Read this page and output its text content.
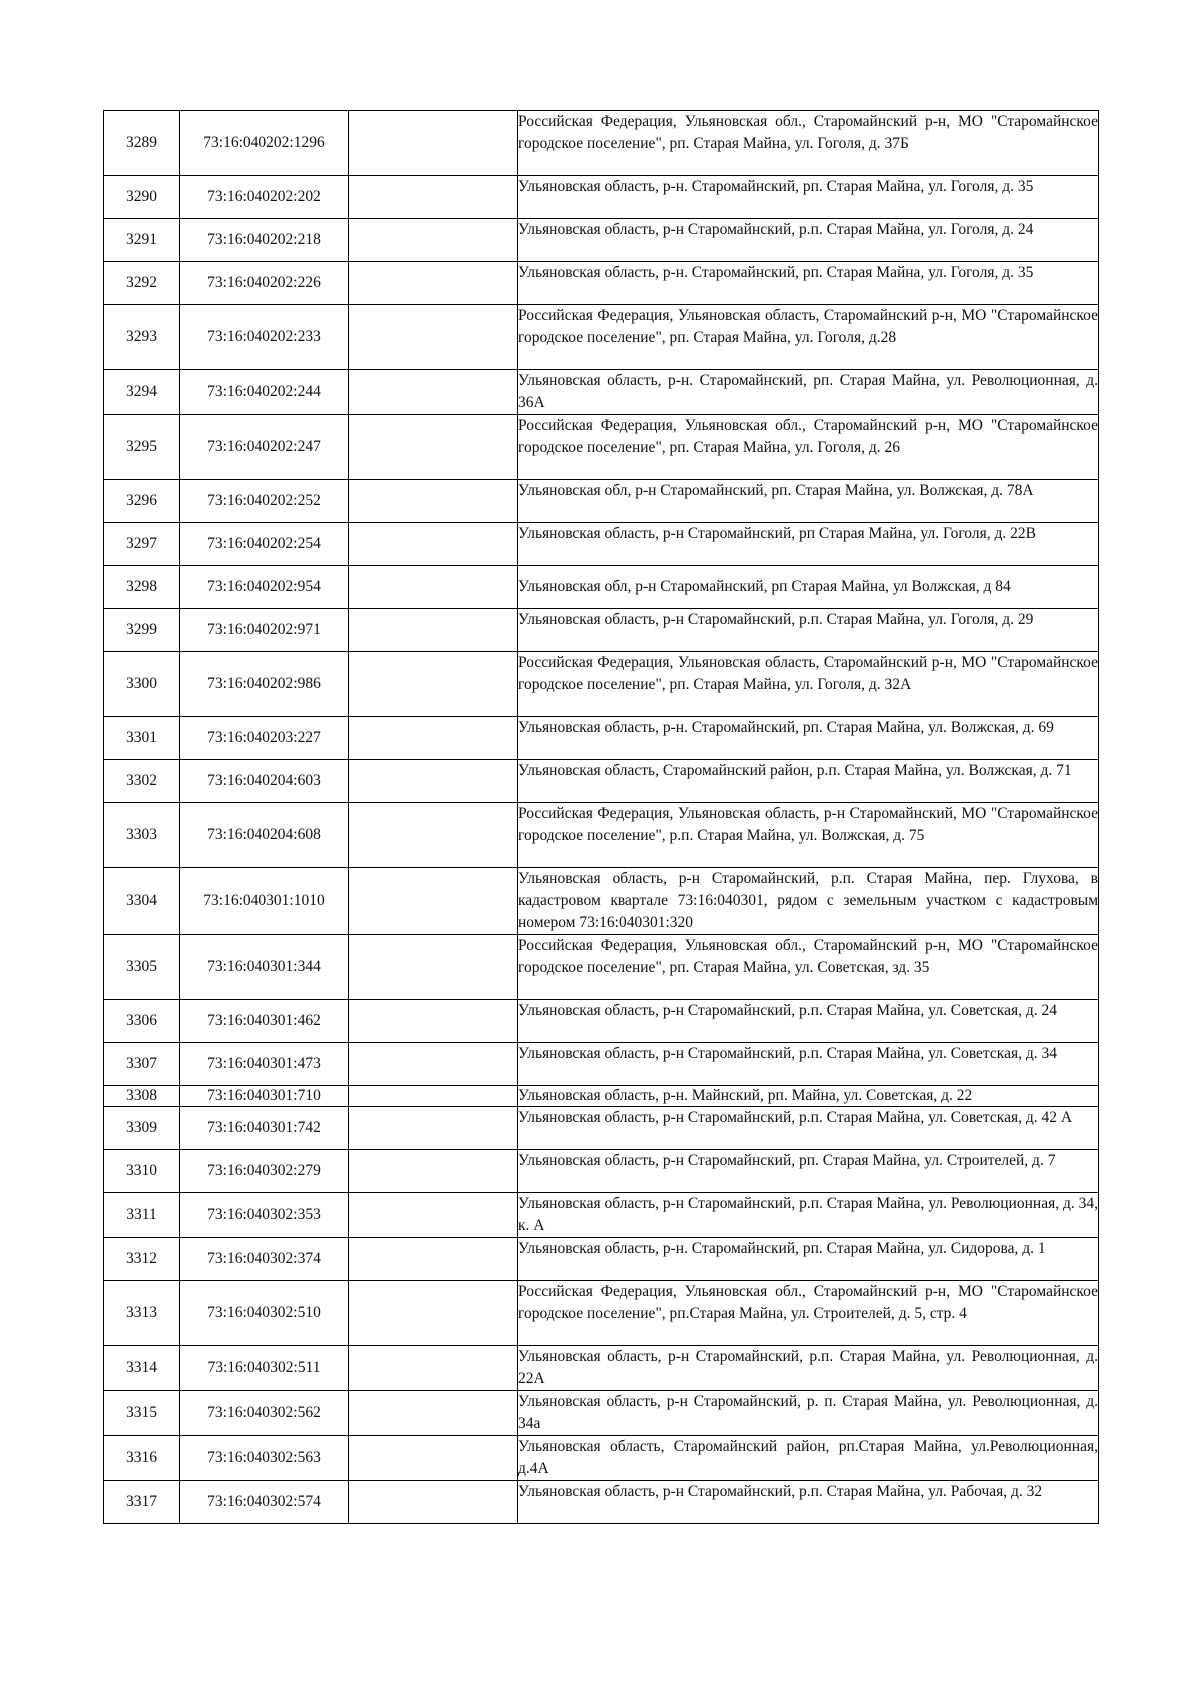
3289	73:16:040202:1296		Российская Федерация, Ульяновская обл., Старомайнский р-н, МО "Старомайнское городское поселение", рп. Старая Майна, ул. Гоголя, д. 37Б
3290	73:16:040202:202		Ульяновская область, р-н. Старомайнский, рп. Старая Майна, ул. Гоголя, д. 35
3291	73:16:040202:218		Ульяновская область, р-н Старомайнский, р.п. Старая Майна, ул. Гоголя, д. 24
3292	73:16:040202:226		Ульяновская область, р-н. Старомайнский, рп. Старая Майна, ул. Гоголя, д. 35
3293	73:16:040202:233		Российская Федерация, Ульяновская область, Старомайнский р-н, МО "Старомайнское городское поселение", рп. Старая Майна, ул. Гоголя, д.28
3294	73:16:040202:244		Ульяновская область, р-н. Старомайнский, рп. Старая Майна, ул. Революционная, д. 36А
3295	73:16:040202:247		Российская Федерация, Ульяновская обл., Старомайнский р-н, МО "Старомайнское городское поселение", рп. Старая Майна, ул. Гоголя, д. 26
3296	73:16:040202:252		Ульяновская обл, р-н Старомайнский, рп. Старая Майна, ул. Волжская, д. 78А
3297	73:16:040202:254		Ульяновская область, р-н Старомайнский, рп Старая Майна, ул. Гоголя, д. 22В
3298	73:16:040202:954		Ульяновская обл, р-н Старомайнский, рп Старая Майна, ул Волжская, д 84
3299	73:16:040202:971		Ульяновская область, р-н Старомайнский, р.п. Старая Майна, ул. Гоголя, д. 29
3300	73:16:040202:986		Российская Федерация, Ульяновская область, Старомайнский р-н, МО "Старомайнское городское поселение", рп. Старая Майна, ул. Гоголя, д. 32А
3301	73:16:040203:227		Ульяновская область, р-н. Старомайнский, рп. Старая Майна, ул. Волжская, д. 69
3302	73:16:040204:603		Ульяновская область, Старомайнский район, р.п. Старая Майна, ул. Волжская, д. 71
3303	73:16:040204:608		Российская Федерация, Ульяновская область, р-н Старомайнский, МО "Старомайнское городское поселение", р.п. Старая Майна, ул. Волжская, д. 75
3304	73:16:040301:1010		Ульяновская область, р-н Старомайнский, р.п. Старая Майна, пер. Глухова, в кадастровом квартале 73:16:040301, рядом с земельным участком с кадастровым номером 73:16:040301:320
3305	73:16:040301:344		Российская Федерация, Ульяновская обл., Старомайнский р-н, МО "Старомайнское городское поселение", рп. Старая Майна, ул. Советская, зд. 35
3306	73:16:040301:462		Ульяновская область, р-н Старомайнский, р.п. Старая Майна, ул. Советская, д. 24
3307	73:16:040301:473		Ульяновская область, р-н Старомайнский, р.п. Старая Майна, ул. Советская, д. 34
3308	73:16:040301:710		Ульяновская область, р-н. Майнский, рп. Майна, ул. Советская, д. 22
3309	73:16:040301:742		Ульяновская область, р-н Старомайнский, р.п. Старая Майна, ул. Советская, д. 42 А
3310	73:16:040302:279		Ульяновская область, р-н Старомайнский, рп. Старая Майна, ул. Строителей, д. 7
3311	73:16:040302:353		Ульяновская область, р-н Старомайнский, р.п. Старая Майна, ул. Революционная, д. 34, к. А
3312	73:16:040302:374		Ульяновская область, р-н. Старомайнский, рп. Старая Майна, ул. Сидорова, д. 1
3313	73:16:040302:510		Российская Федерация, Ульяновская обл., Старомайнский р-н, МО "Старомайнское городское поселение", рп.Старая Майна, ул. Строителей, д. 5, стр. 4
3314	73:16:040302:511		Ульяновская область, р-н Старомайнский, р.п. Старая Майна, ул. Революционная, д. 22А
3315	73:16:040302:562		Ульяновская область, р-н Старомайнский, р. п. Старая Майна, ул. Революционная, д. 34а
3316	73:16:040302:563		Ульяновская область, Старомайнский район, рп.Старая Майна, ул.Революционная, д.4А
3317	73:16:040302:574		Ульяновская область, р-н Старомайнский, р.п. Старая Майна, ул. Рабочая, д. 32
